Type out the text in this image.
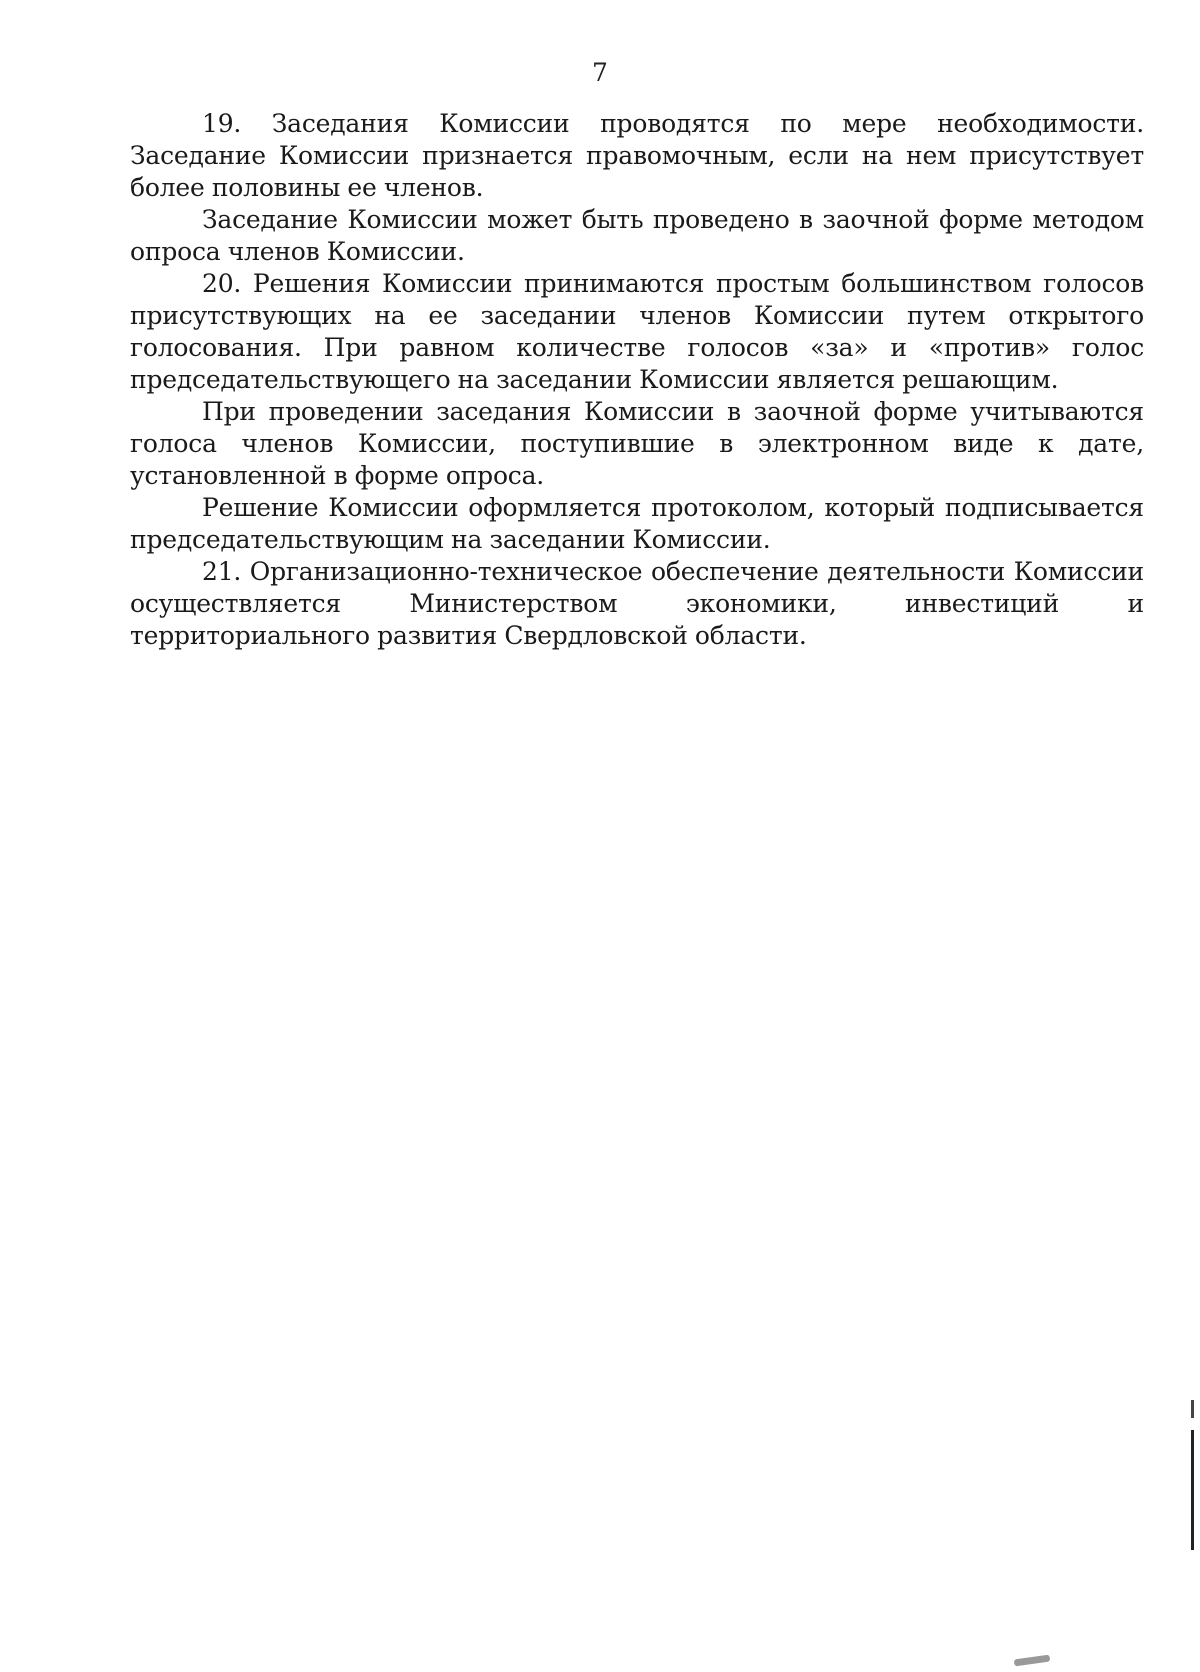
7

19. Заседания Комиссии проводятся по мере необходимости. Заседание Комиссии признается правомочным, если на нем присутствует более половины ее членов.

Заседание Комиссии может быть проведено в заочной форме методом опроса членов Комиссии.

20. Решения Комиссии принимаются простым большинством голосов присутствующих на ее заседании членов Комиссии путем открытого голосования. При равном количестве голосов «за» и «против» голос председательствующего на заседании Комиссии является решающим.

При проведении заседания Комиссии в заочной форме учитываются голоса членов Комиссии, поступившие в электронном виде к дате, установленной в форме опроса.

Решение Комиссии оформляется протоколом, который подписывается председательствующим на заседании Комиссии.

21. Организационно-техническое обеспечение деятельности Комиссии осуществляется Министерством экономики, инвестиций и территориального развития Свердловской области.
